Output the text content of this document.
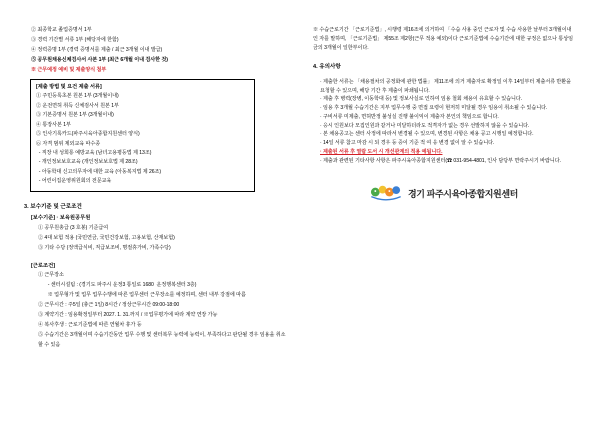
② 최종학교 졸업증명서 1부
③ 경력 기간별 서류 1부 (해당자에 한함)
④ 정력증명 1부 (경력 증명서를 제출 / 최근 3개월 이내 발급)
⑤ 공무원채용신체검사서 사본 1부 (최근 6개월 이내 검사한 것)
※ 근무예정 예비 및 제출양식 첨부
[제출 방법 및 요건 제출 서류]
① 주민등록초본 원본 1부 (3개월이내)
② 운전면허 취득 신체검사서 원본 1부
③ 기본증명서 원본 1부 (3개월이내)
④ 통장사본 1부
⑤ 인사기록카드(파주시육아종합지원센터 양식)
⑥ 자격 범위 제외교육 따수종
- 직장 내 성희롱 예방교육 (남녀고용평등법 제 13조)
- 개인정보보호교육 (개인정보보호법 제 28조)
- 아동학대 신고의무자에 대한 교육 (아동복지법 제 26조)
- 어린이집운영위원회의 전문교육
3. 보수기준 및 근로조건
[보수기준] · 보육원공무원
① 공무원총급 (3 호봉) 기준급여
② 4대 보험 적용 (국민연금, 국민건강보험, 고용보험, 산재보험)
③ 기타 수당 (정액급식비, 직급보조비, 명절휴가비, 가족수당)
[근로조건]
① 근무장소
- 센터시설팀 : (경기도 파주시 운정3 통일로 1680  운정행복센터 3층)
※ 업무형가 및 업무 업무수행에 따른 업무센터 근무장소를 예정하며, 센터 내부 강점에 따름
② 근무시간 : 주5일 (총근 1일) 8시간 / 정상근무시간 09:00-18:00
③ 계약기간 : 임용확정일부터 2027. 1. 31.까지 / ※업무평가에 따라 계약 연장 가능
④ 복사후생 : 근로기준법에 따른 연월차 휴가 등
⑤ 수습기간은 3개월이며 수습기간동안 업무 수행 및 센터복무 능력에 능력이, 부족하다고 판단될 경우 임용을 취소할 수 있음
※ 수습근로기간 「근로기준법」, 시행령 제16조에 의거하여 「수습 사용 중인 근로자 및 수습 사용한 날부터 3개월이내인 자를 말하며, 「근로기준법」 제55조 제2항(근무 적용 예외)이다 근로기준법에 수습기간에 대한 규정은 없으나 통상임금의 3개월이 일한부이다.
4. 유의사항
· 제출한 서류는 「채용절차의 공정화에 관한 법률」 제11조에 의거 제출자로 확정일 이후 14일부터 제출서류 반환을 요청할 수 있으며, 해당 기간 후 제출이 파쇄됩니다.
· 제출 후 병력(장병, 이동학대 등) 및 정보사실로 인하여 임용 철회 채용이 유효할 수 있습니다.
· 임용 후 3개월 수습기간은 지부 업무수행 중 면접 요령이 현저히 미달될 경우 임용이 취소될 수 있습니다.
· 구비서류 미제출, 면허반정 불성실 진행 불이익이 제출자 본인의 책임으로 합니다.
· 응시 인원보다 모집인원과 같거나 미달하더라도 적격자가 없는 경우 선발하지 않을 수 있습니다.
· 본 채용공고는 센터 사정에 따라서 변경될 수 있으며, 변경된 사항은 채용 공고 시행일 예정합니다.
· 14일 서류 참고 마감 시 되 경우 등 증이 기준 적 여 응 변경 없이 알 수 있습니다.
· 제출된 서류 후 열람 도서 시 개선관계의 적용 예됩니다.
· 제출과 관련된 기타사항 사항은 파주시육아종합지원센터(☎ 031-954-4801, 인사 담당부 면락주시기 바랍니다.
경기 파주시육아종합지원센터
